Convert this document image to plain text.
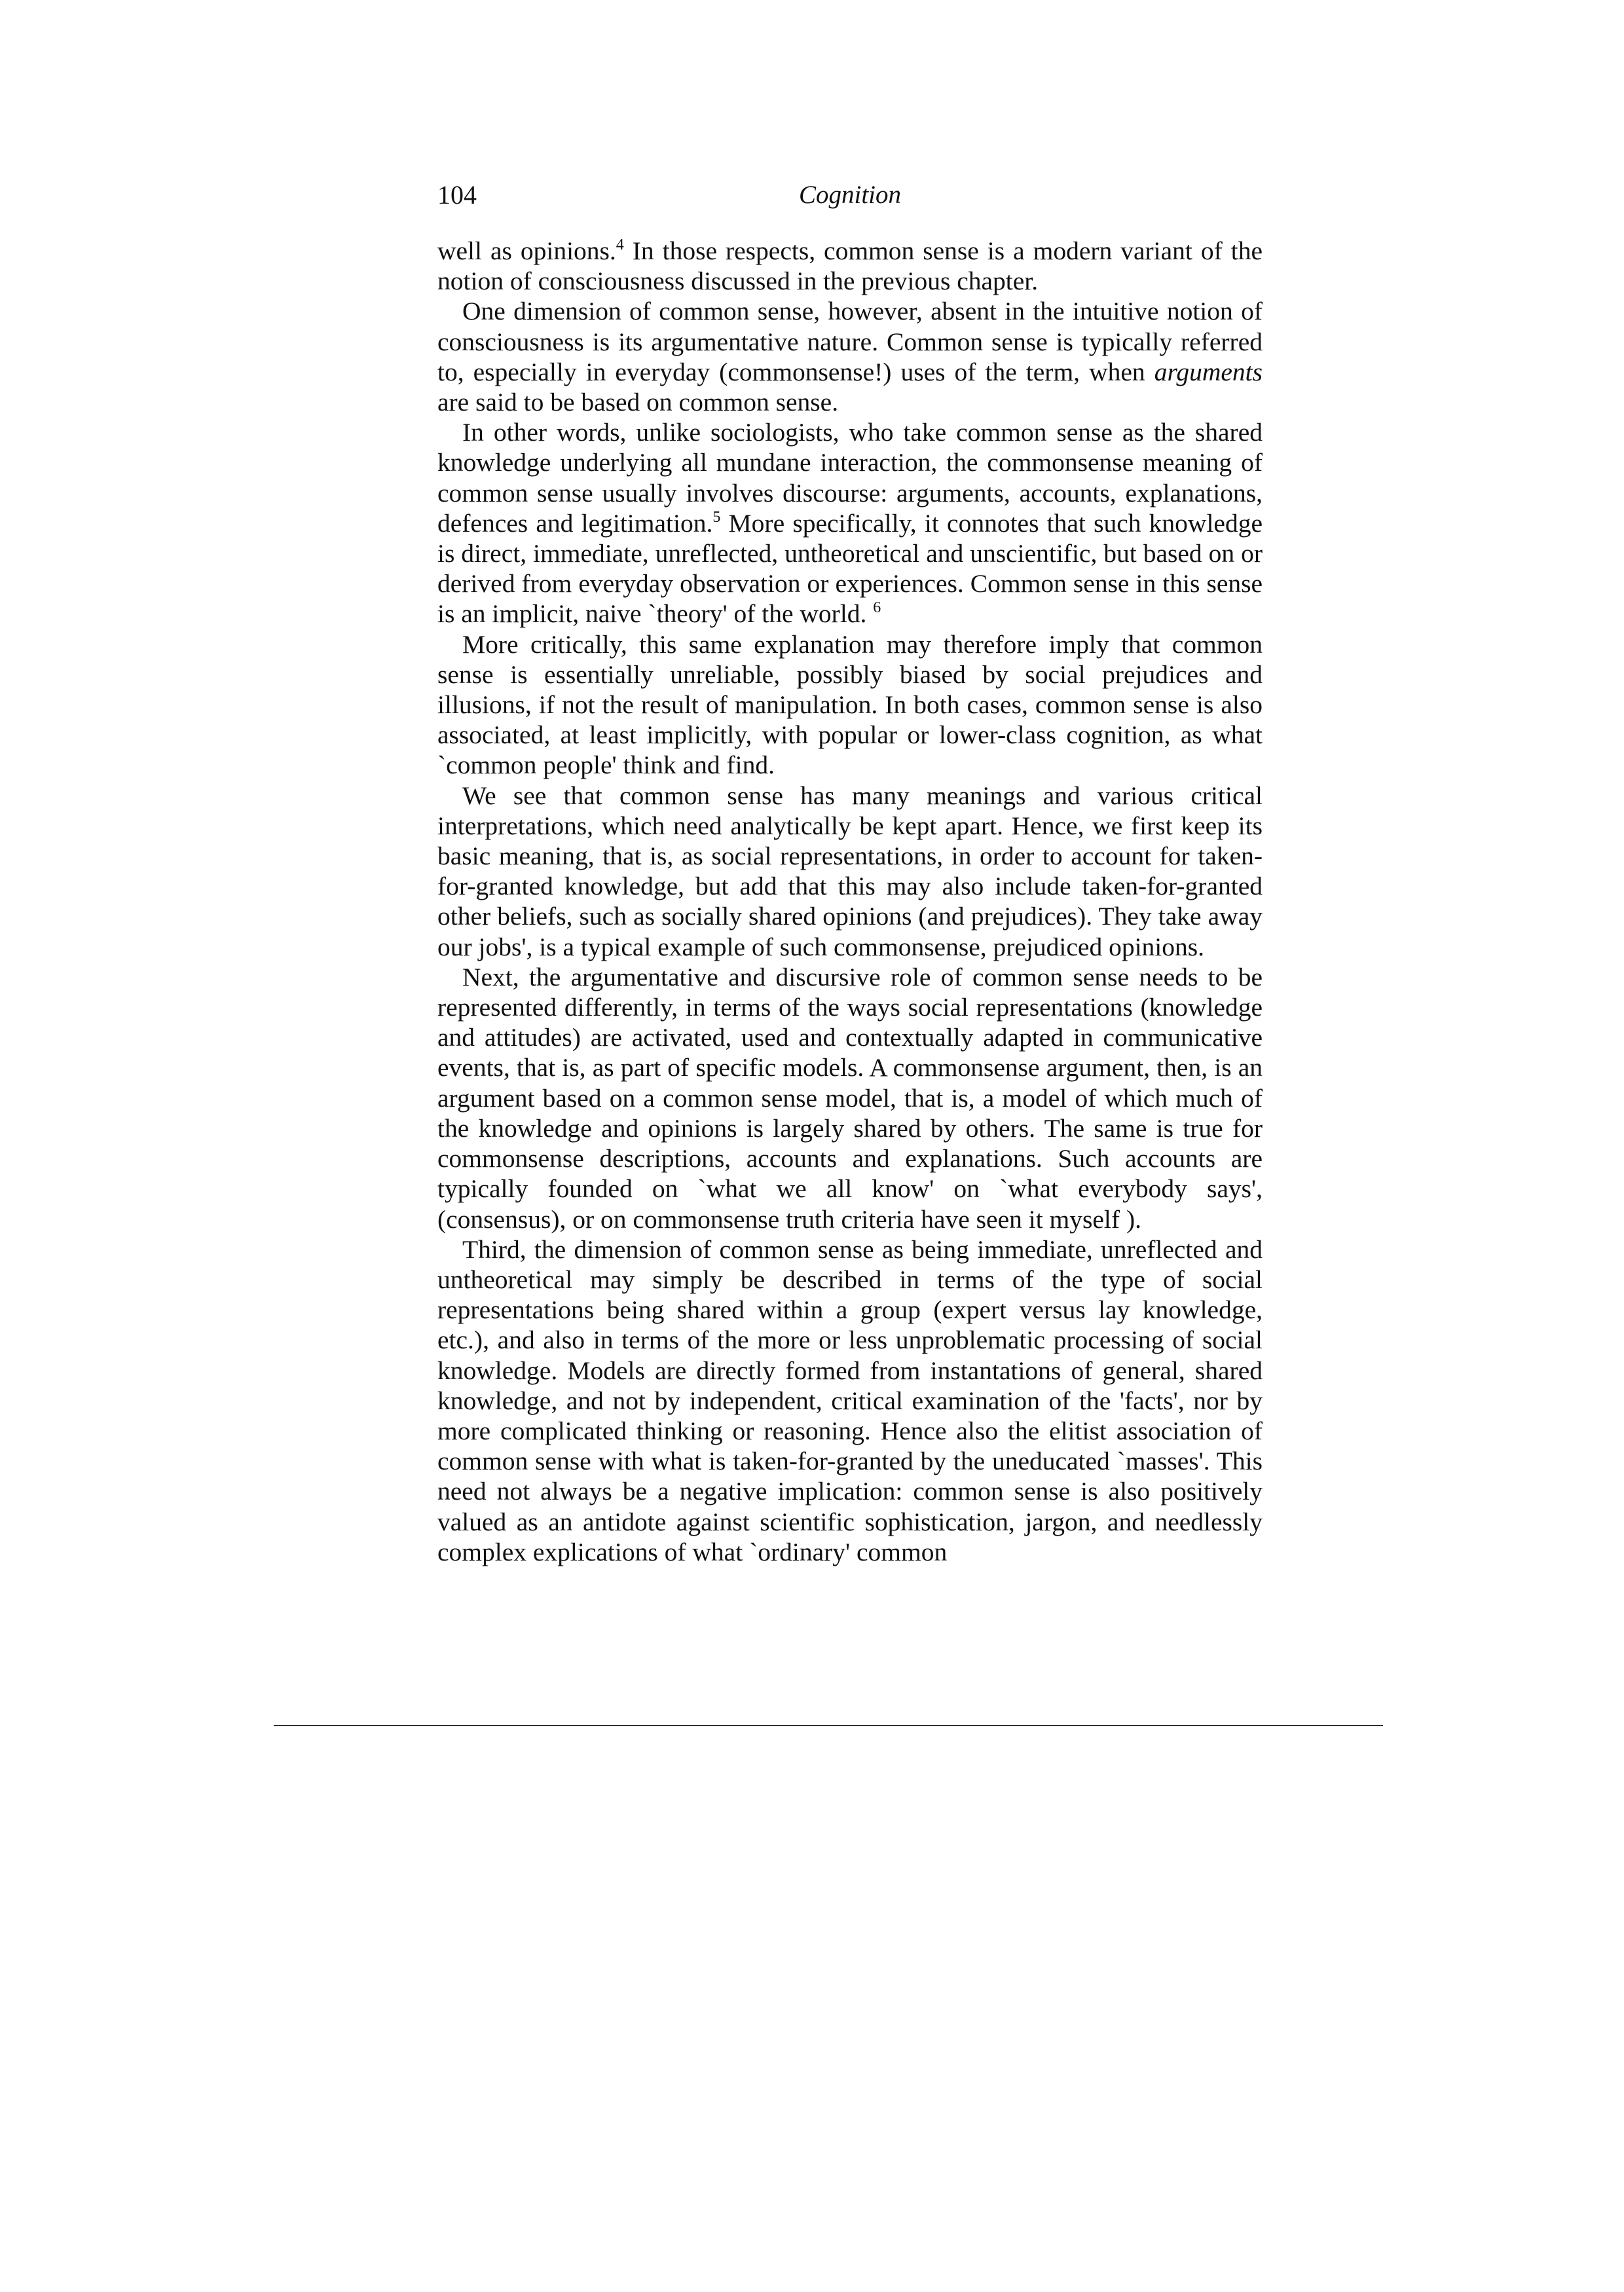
104	Cognition

well as opinions.$^4$ In those respects, common sense is a modern variant of the notion of consciousness discussed in the previous chapter.

One dimension of common sense, however, absent in the intuitive notion of consciousness is its argumentative nature. Common sense is typically referred to, especially in everyday (commonsense!) uses of the term, when arguments are said to be based on common sense.

In other words, unlike sociologists, who take common sense as the shared knowledge underlying all mundane interaction, the commonsense meaning of common sense usually involves discourse: arguments, accounts, explanations, defences and legitimation.$^5$ More specifically, it connotes that such knowledge is direct, immediate, unreflected, untheoretical and unscientific, but based on or derived from everyday observation or experiences. Common sense in this sense is an implicit, naive `theory' of the world. $^6$

More critically, this same explanation may therefore imply that common sense is essentially unreliable, possibly biased by social prejudices and illusions, if not the result of manipulation. In both cases, common sense is also associated, at least implicitly, with popular or lower-class cognition, as what `common people' think and find.

We see that common sense has many meanings and various critical interpretations, which need analytically be kept apart. Hence, we first keep its basic meaning, that is, as social representations, in order to account for taken-for-granted knowledge, but add that this may also include taken-for-granted other beliefs, such as socially shared opinions (and prejudices). They take away our jobs', is a typical example of such commonsense, prejudiced opinions.

Next, the argumentative and discursive role of common sense needs to be represented differently, in terms of the ways social representations (knowledge and attitudes) are activated, used and contextually adapted in communicative events, that is, as part of specific models. A commonsense argument, then, is an argument based on a common sense model, that is, a model of which much of the knowledge and opinions is largely shared by others. The same is true for commonsense descriptions, accounts and explanations. Such accounts are typically founded on `what we all know' on `what everybody says', (consensus), or on commonsense truth criteria have seen it myself ).

Third, the dimension of common sense as being immediate, unreflected and untheoretical may simply be described in terms of the type of social representations being shared within a group (expert versus lay knowledge, etc.), and also in terms of the more or less unproblematic processing of social knowledge. Models are directly formed from instantations of general, shared knowledge, and not by independent, critical examination of the 'facts', nor by more complicated thinking or reasoning. Hence also the elitist association of common sense with what is taken-for-granted by the uneducated `masses'. This need not always be a negative implication: common sense is also positively valued as an antidote against scientific sophistication, jargon, and needlessly complex explications of what `ordinary' common
